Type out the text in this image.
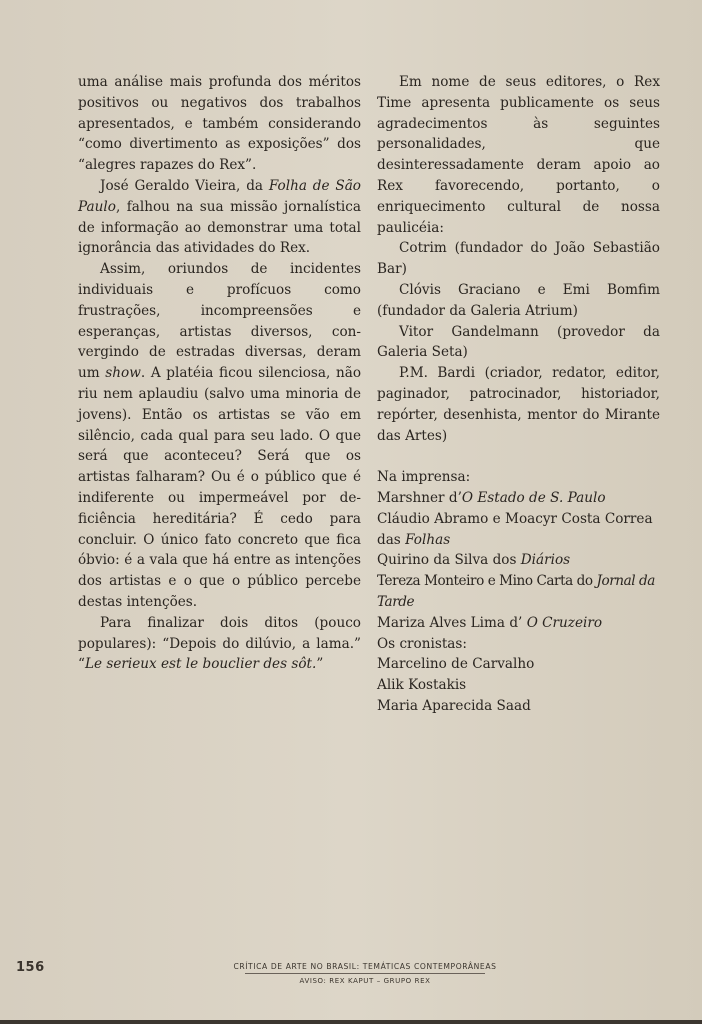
uma análise mais profunda dos méritos positivos ou negativos dos trabalhos apresentados, e também considerando “como divertimento as exposições” dos “alegres rapazes do Rex”.

José Geraldo Vieira, da Folha de São Paulo, falhou na sua missão jornalística de informação ao demonstrar uma total ignorância das atividades do Rex.

Assim, oriundos de incidentes individuais e profícuos como frustrações, incompreensões e esperanças, artistas diversos, convergindo de estradas diversas, deram um show. A platéia ficou silenciosa, não riu nem aplaudiu (salvo uma minoria de jovens). Então os artistas se vão em silêncio, cada qual para seu lado. O que será que aconteceu? Será que os artistas falharam? Ou é o público que é indiferente ou impermeável por deficiência hereditária? É cedo para concluir. O único fato concreto que fica óbvio: é a vala que há entre as intenções dos artistas e o que o público percebe destas intenções.

Para finalizar dois ditos (pouco populares): “Depois do dilúvio, a lama.” “Le serieux est le bouclier des sôt.”

Em nome de seus editores, o Rex Time apresenta publicamente os seus agradecimentos às seguintes personalidades, que desinteressadamente deram apoio ao Rex favorecendo, portanto, o enriquecimento cultural de nossa paulicéia:

Cotrim (fundador do João Sebastião Bar)

Clóvis Graciano e Emi Bomfim (fundador da Galeria Atrium)

Vitor Gandelmann (provedor da Galeria Seta)

P.M. Bardi (criador, redator, editor, paginador, patrocinador, historiador, repórter, desenhista, mentor do Mirante das Artes)

Na imprensa:

Marshner d’O Estado de S. Paulo

Cláudio Abramo e Moacyr Costa Correa das Folhas

Quirino da Silva dos Diários

Tereza Monteiro e Mino Carta do Jornal da Tarde

Mariza Alves Lima d’ O Cruzeiro

Os cronistas:

Marcelino de Carvalho

Alik Kostakis

Maria Aparecida Saad

156	CRÍTICA DE ARTE NO BRASIL: TEMÁTICAS CONTEMPORÂNEAS
AVISO: REX KAPUT – GRUPO REX
